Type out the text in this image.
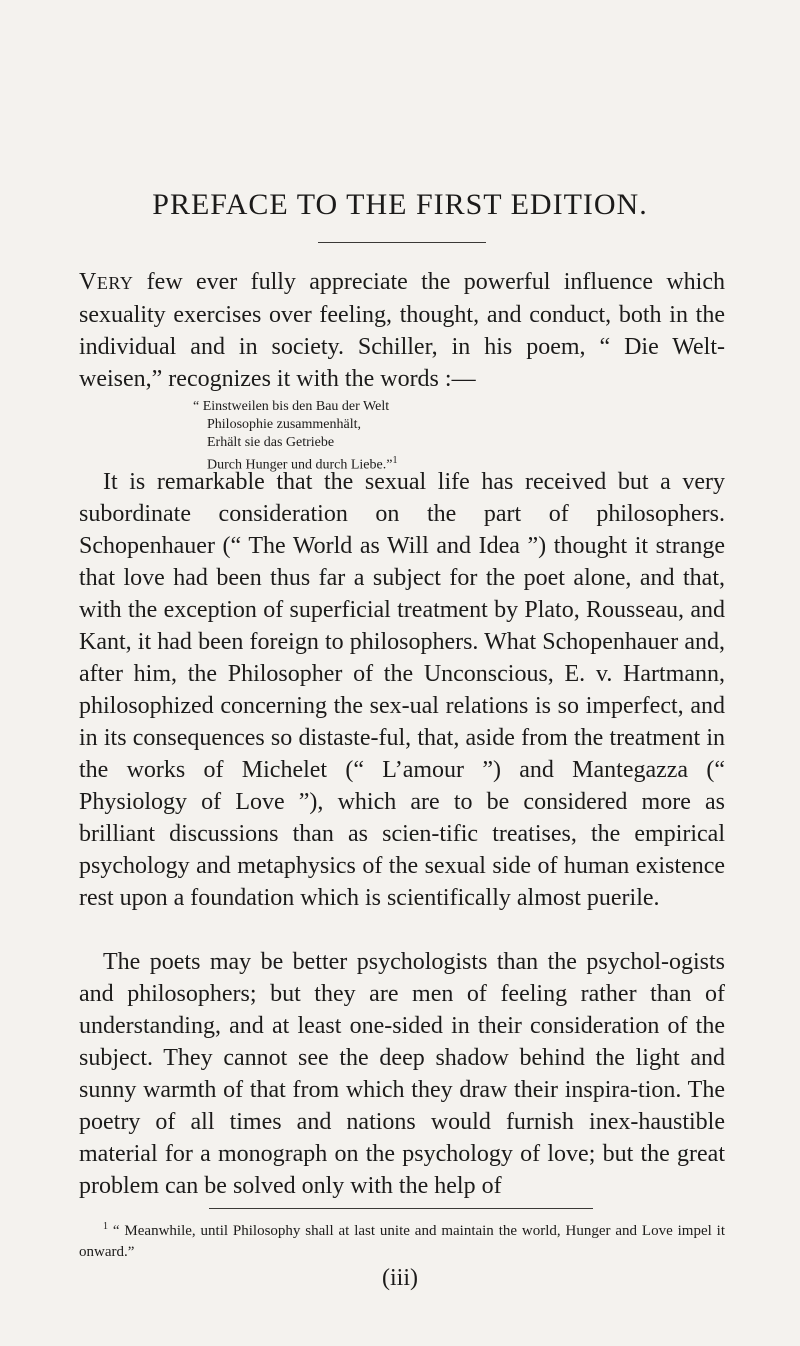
PREFACE TO THE FIRST EDITION.

VERY few ever fully appreciate the powerful influence which sexuality exercises over feeling, thought, and conduct, both in the individual and in society. Schiller, in his poem, “ Die Welt-weisen,” recognizes it with the words :—

“ Einstweilen bis den Bau der Welt
Philosophie zusammenhält,
Erhält sie das Getriebe
Durch Hunger und durch Liebe.”$^1$

It is remarkable that the sexual life has received but a very subordinate consideration on the part of philosophers. Schopenhauer (“ The World as Will and Idea ”) thought it strange that love had been thus far a subject for the poet alone, and that, with the exception of superficial treatment by Plato, Rousseau, and Kant, it had been foreign to philosophers. What Schopenhauer and, after him, the Philosopher of the Unconscious, E. v. Hartmann, philosophized concerning the sex-ual relations is so imperfect, and in its consequences so distaste-ful, that, aside from the treatment in the works of Michelet (“ L’amour ”) and Mantegazza (“ Physiology of Love ”), which are to be considered more as brilliant discussions than as scien-tific treatises, the empirical psychology and metaphysics of the sexual side of human existence rest upon a foundation which is scientifically almost puerile.

The poets may be better psychologists than the psychol-ogists and philosophers; but they are men of feeling rather than of understanding, and at least one-sided in their consideration of the subject. They cannot see the deep shadow behind the light and sunny warmth of that from which they draw their inspira-tion. The poetry of all times and nations would furnish inex-haustible material for a monograph on the psychology of love; but the great problem can be solved only with the help of

$^1$ “ Meanwhile, until Philosophy shall at last unite and maintain the world, Hunger and Love impel it onward.”

(iii)
